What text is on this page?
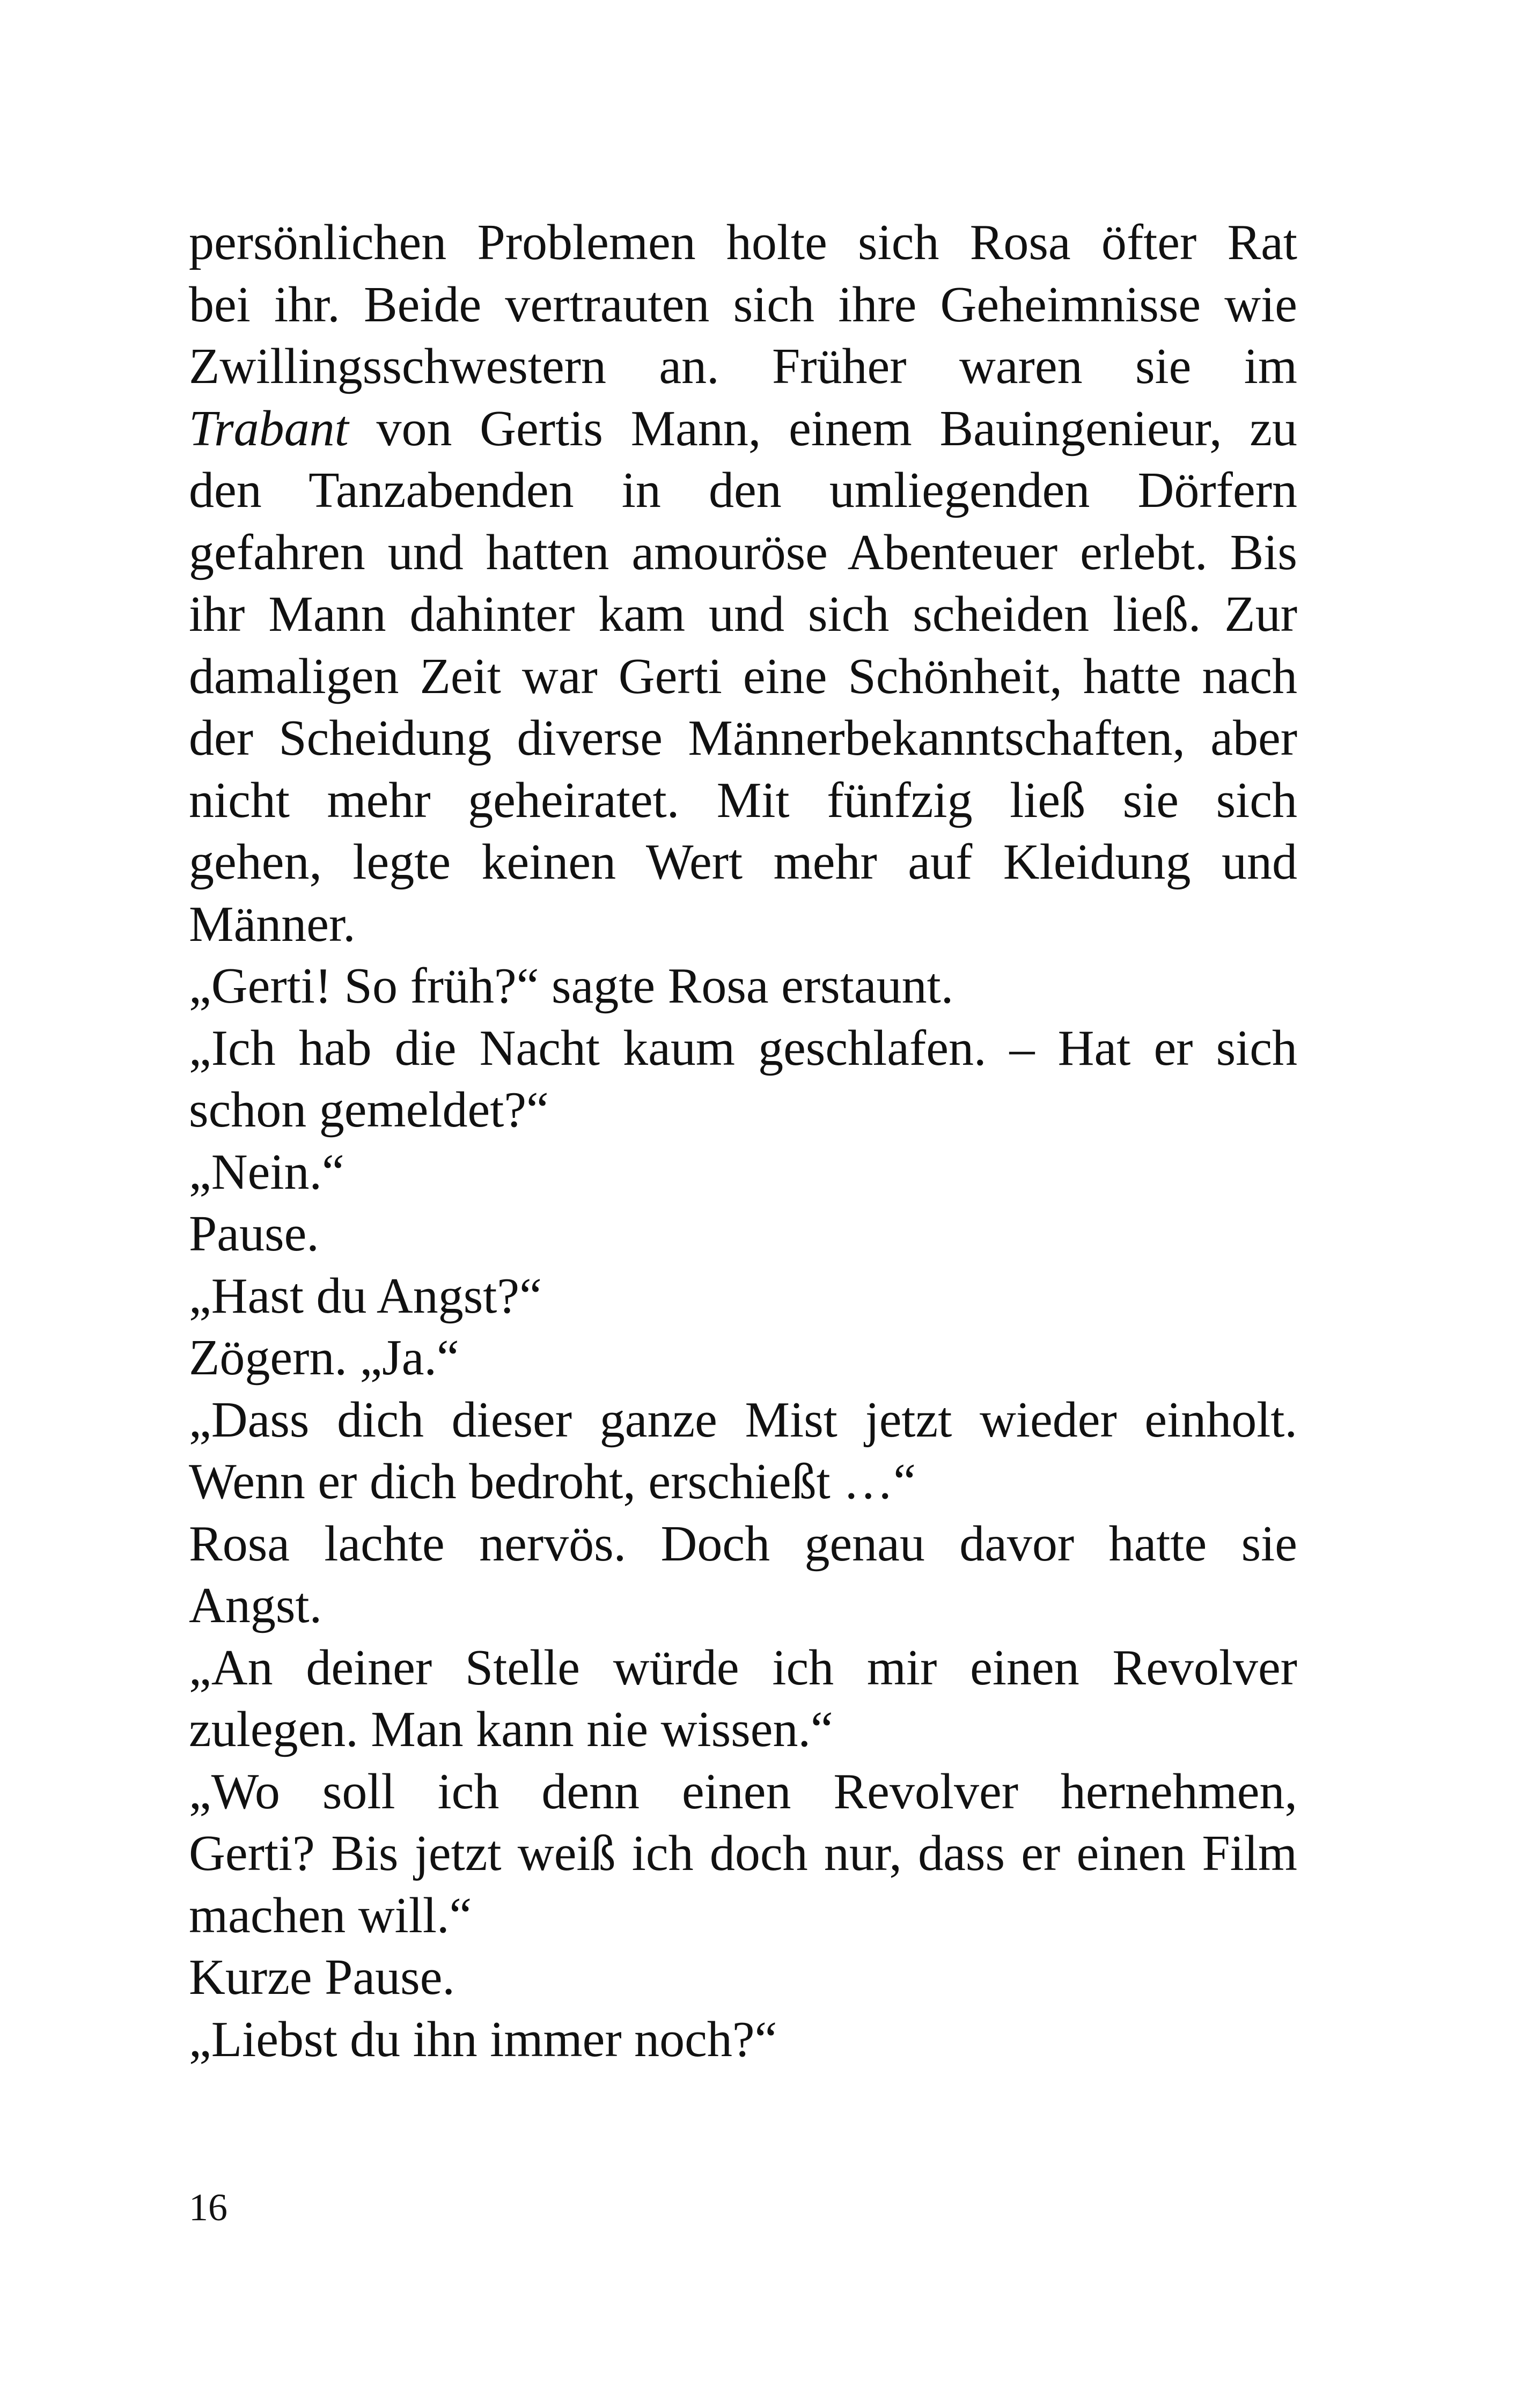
persönlichen Problemen holte sich Rosa öfter Rat
bei ihr. Beide vertrauten sich ihre Geheimnisse wie
Zwillingsschwestern an. Früher waren sie im
Trabant von Gertis Mann, einem Bauingenieur, zu
den Tanzabenden in den umliegenden Dörfern
gefahren und hatten amouröse Abenteuer erlebt. Bis
ihr Mann dahinter kam und sich scheiden ließ. Zur
damaligen Zeit war Gerti eine Schönheit, hatte nach
der Scheidung diverse Männerbekanntschaften, aber
nicht mehr geheiratet. Mit fünfzig ließ sie sich
gehen, legte keinen Wert mehr auf Kleidung und
Männer.
„Gerti! So früh?“ sagte Rosa erstaunt.
„Ich hab die Nacht kaum geschlafen. – Hat er sich
schon gemeldet?“
„Nein.“
Pause.
„Hast du Angst?“
Zögern. „Ja.“
„Dass dich dieser ganze Mist jetzt wieder einholt.
Wenn er dich bedroht, erschießt …“
Rosa lachte nervös. Doch genau davor hatte sie
Angst.
„An deiner Stelle würde ich mir einen Revolver
zulegen. Man kann nie wissen.“
„Wo soll ich denn einen Revolver hernehmen,
Gerti? Bis jetzt weiß ich doch nur, dass er einen Film
machen will.“
Kurze Pause.
„Liebst du ihn immer noch?“
16
